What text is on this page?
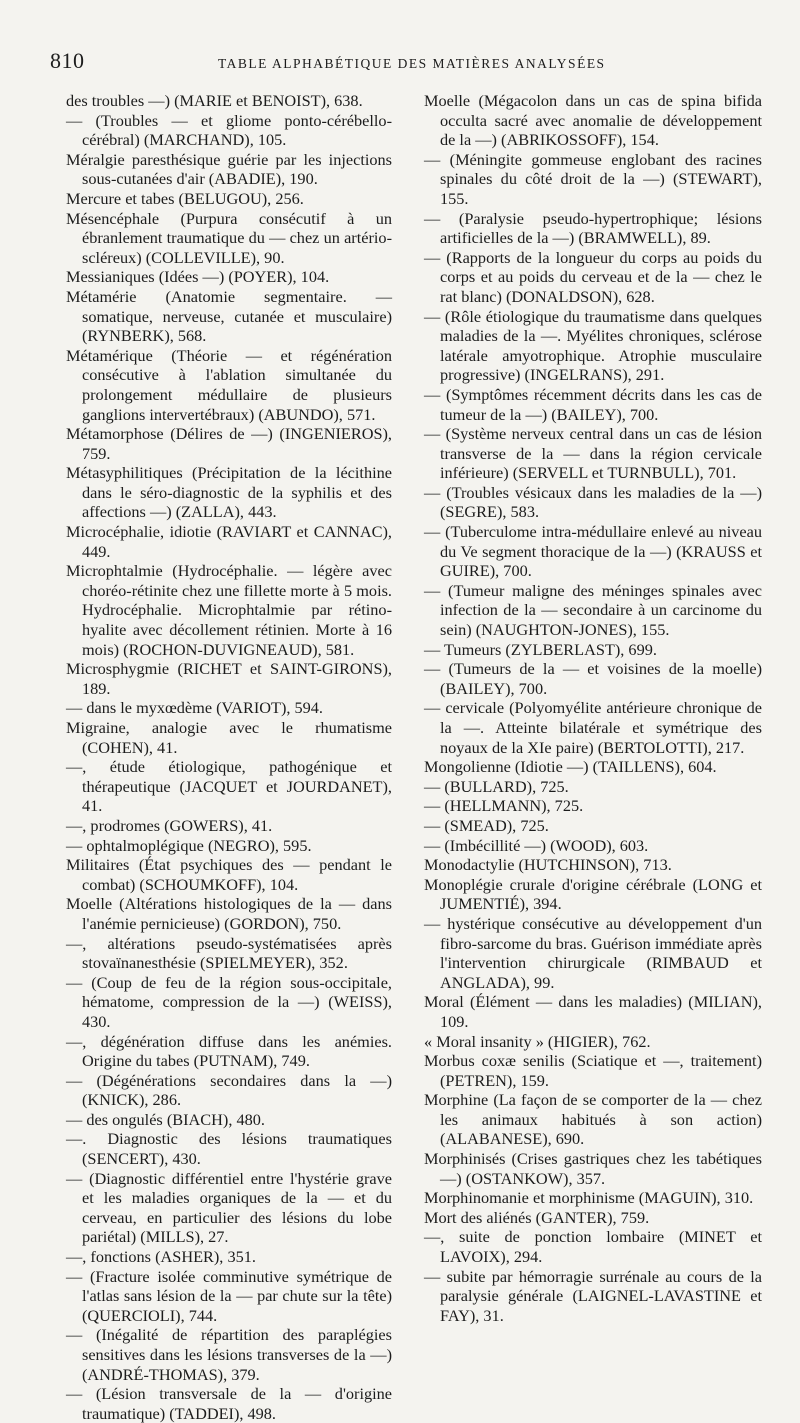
810	TABLE ALPHABÉTIQUE DES MATIÈRES ANALYSÉES

des troubles —) (MARIE et BENOIST), 638.

— (Troubles — et gliome ponto-cérébello-cérébral) (MARCHAND), 105.

Méralgie paresthésique guérie par les injections sous-cutanées d'air (ABADIE), 190.

Mercure et tabes (BELUGOU), 256.

Mésencéphale (Purpura consécutif à un ébranlement traumatique du — chez un artério-scléreux) (COLLEVILLE), 90.

Messianiques (Idées —) (POYER), 104.

Métamérie (Anatomie segmentaire. — somatique, nerveuse, cutanée et musculaire) (RYNBERK), 568.

Métamérique (Théorie — et régénération consécutive à l'ablation simultanée du prolongement médullaire de plusieurs ganglions intervertébraux) (ABUNDO), 571.

Métamorphose (Délires de —) (INGENIEROS), 759.

Métasyphilitiques (Précipitation de la lécithine dans le séro-diagnostic de la syphilis et des affections —) (ZALLA), 443.

Microcéphalie, idiotie (RAVIART et CANNAC), 449.

Microphtalmie (Hydrocéphalie. — légère avec choréo-rétinite chez une fillette morte à 5 mois. Hydrocéphalie. Microphtalmie par rétino-hyalite avec décollement rétinien. Morte à 16 mois) (ROCHON-DUVIGNEAUD), 581.

Microsphygmie (RICHET et SAINT-GIRONS), 189.

— dans le myxœdème (VARIOT), 594.

Migraine, analogie avec le rhumatisme (COHEN), 41.

—, étude étiologique, pathogénique et thérapeutique (JACQUET et JOURDANET), 41.

—, prodromes (GOWERS), 41.

— ophtalmoplégique (NEGRO), 595.

Militaires (État psychiques des — pendant le combat) (SCHOUMKOFF), 104.

Moelle (Altérations histologiques de la — dans l'anémie pernicieuse) (GORDON), 750.

—, altérations pseudo-systématisées après stovaïnanesthésie (SPIELMEYER), 352.

— (Coup de feu de la région sous-occipitale, hématome, compression de la —) (WEISS), 430.

—, dégénération diffuse dans les anémies. Origine du tabes (PUTNAM), 749.

— (Dégénérations secondaires dans la —) (KNICK), 286.

— des ongulés (BIACH), 480.

—. Diagnostic des lésions traumatiques (SENCERT), 430.

— (Diagnostic différentiel entre l'hystérie grave et les maladies organiques de la — et du cerveau, en particulier des lésions du lobe pariétal) (MILLS), 27.

—, fonctions (ASHER), 351.

— (Fracture isolée comminutive symétrique de l'atlas sans lésion de la — par chute sur la tête) (QUERCIOLI), 744.

— (Inégalité de répartition des paraplégies sensitives dans les lésions transverses de la —) (ANDRÉ-THOMAS), 379.

— (Lésion transversale de la — d'origine traumatique) (TADDEI), 498.

Moelle (Mégacolon dans un cas de spina bifida occulta sacré avec anomalie de développement de la —) (ABRIKOSSOFF), 154.

— (Méningite gommeuse englobant des racines spinales du côté droit de la —) (STEWART), 155.

— (Paralysie pseudo-hypertrophique; lésions artificielles de la —) (BRAMWELL), 89.

— (Rapports de la longueur du corps au poids du corps et au poids du cerveau et de la — chez le rat blanc) (DONALDSON), 628.

— (Rôle étiologique du traumatisme dans quelques maladies de la —. Myélites chroniques, sclérose latérale amyotrophique. Atrophie musculaire progressive) (INGELRANS), 291.

— (Symptômes récemment décrits dans les cas de tumeur de la —) (BAILEY), 700.

— (Système nerveux central dans un cas de lésion transverse de la — dans la région cervicale inférieure) (SERVELL et TURNBULL), 701.

— (Troubles vésicaux dans les maladies de la —) (SEGRE), 583.

— (Tuberculome intra-médullaire enlevé au niveau du Ve segment thoracique de la —) (KRAUSS et GUIRE), 700.

— (Tumeur maligne des méninges spinales avec infection de la — secondaire à un carcinome du sein) (NAUGHTON-JONES), 155.

— Tumeurs (ZYLBERLAST), 699.

— (Tumeurs de la — et voisines de la moelle) (BAILEY), 700.

— cervicale (Polyomyélite antérieure chronique de la —. Atteinte bilatérale et symétrique des noyaux de la XIe paire) (BERTOLOTTI), 217.

Mongolienne (Idiotie —) (TAILLENS), 604.

— (BULLARD), 725.

— (HELLMANN), 725.

— (SMEAD), 725.

— (Imbécillité —) (WOOD), 603.

Monodactylie (HUTCHINSON), 713.

Monoplégie crurale d'origine cérébrale (LONG et JUMENTIÉ), 394.

— hystérique consécutive au développement d'un fibro-sarcome du bras. Guérison immédiate après l'intervention chirurgicale (RIMBAUD et ANGLADA), 99.

Moral (Élément — dans les maladies) (MILIAN), 109.

« Moral insanity » (HIGIER), 762.

Morbus coxæ senilis (Sciatique et —, traitement) (PETREN), 159.

Morphine (La façon de se comporter de la — chez les animaux habitués à son action) (ALABANESE), 690.

Morphinisés (Crises gastriques chez les tabétiques —) (OSTANKOW), 357.

Morphinomanie et morphinisme (MAGUIN), 310.

Mort des aliénés (GANTER), 759.

—, suite de ponction lombaire (MINET et LAVOIX), 294.

— subite par hémorragie surrénale au cours de la paralysie générale (LAIGNEL-LAVASTINE et FAY), 31.
